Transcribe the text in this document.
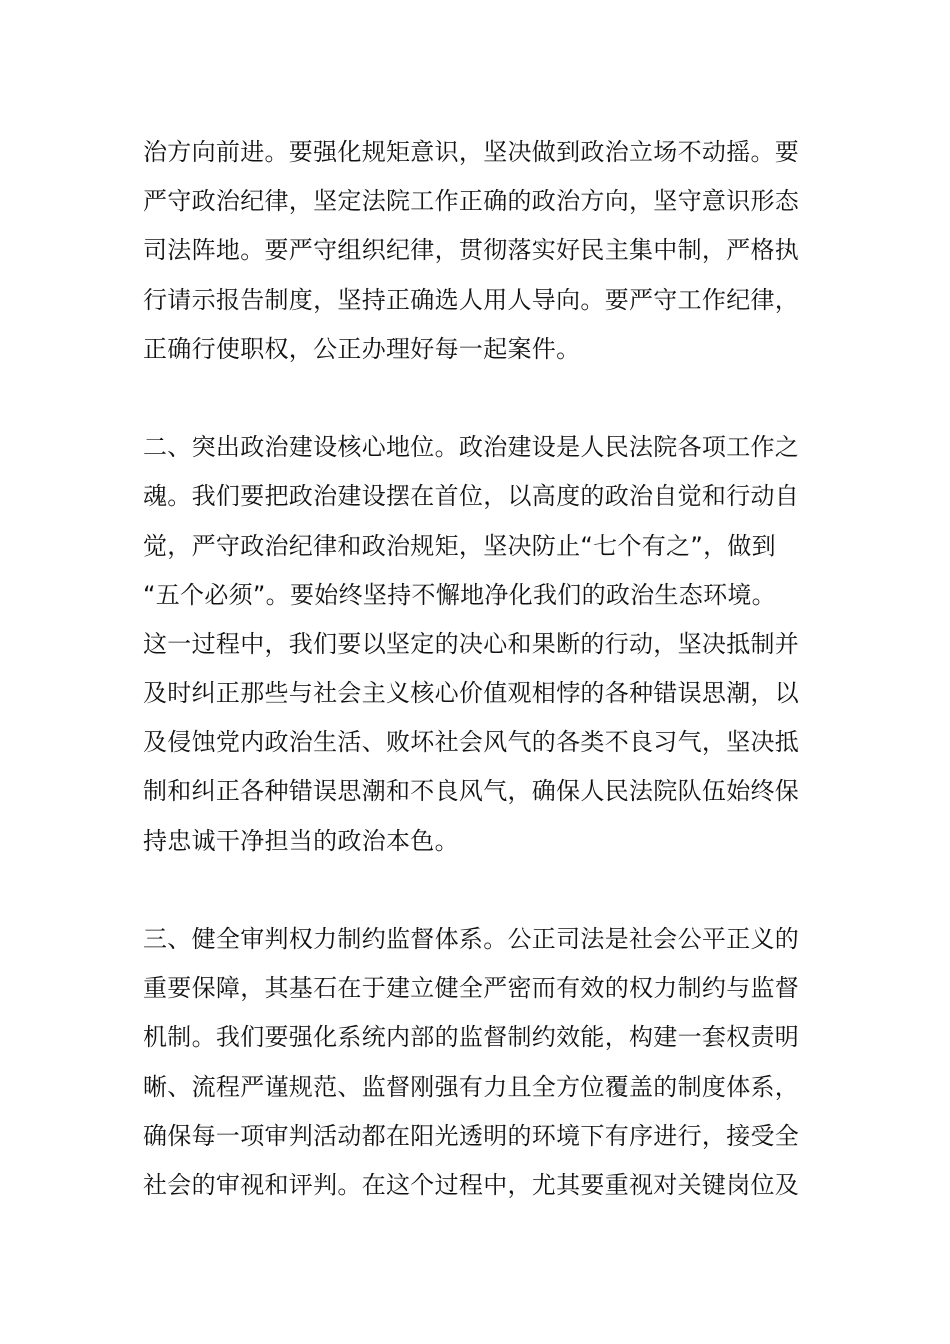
治方向前进。要强化规矩意识，坚决做到政治立场不动摇。要
严守政治纪律，坚定法院工作正确的政治方向，坚守意识形态
司法阵地。要严守组织纪律，贯彻落实好民主集中制，严格执
行请示报告制度，坚持正确选人用人导向。要严守工作纪律，
正确行使职权，公正办理好每一起案件。
二、突出政治建设核心地位。政治建设是人民法院各项工作之
魂。我们要把政治建设摆在首位，以高度的政治自觉和行动自
觉，严守政治纪律和政治规矩，坚决防止“七个有之”，做到
“五个必须”。要始终坚持不懈地净化我们的政治生态环境。
这一过程中，我们要以坚定的决心和果断的行动，坚决抵制并
及时纠正那些与社会主义核心价值观相悖的各种错误思潮，以
及侵蚀党内政治生活、败坏社会风气的各类不良习气，坚决抵
制和纠正各种错误思潮和不良风气，确保人民法院队伍始终保
持忠诚干净担当的政治本色。
三、健全审判权力制约监督体系。公正司法是社会公平正义的
重要保障，其基石在于建立健全严密而有效的权力制约与监督
机制。我们要强化系统内部的监督制约效能，构建一套权责明
晰、流程严谨规范、监督刚强有力且全方位覆盖的制度体系，
确保每一项审判活动都在阳光透明的环境下有序进行，接受全
社会的审视和评判。在这个过程中，尤其要重视对关键岗位及
